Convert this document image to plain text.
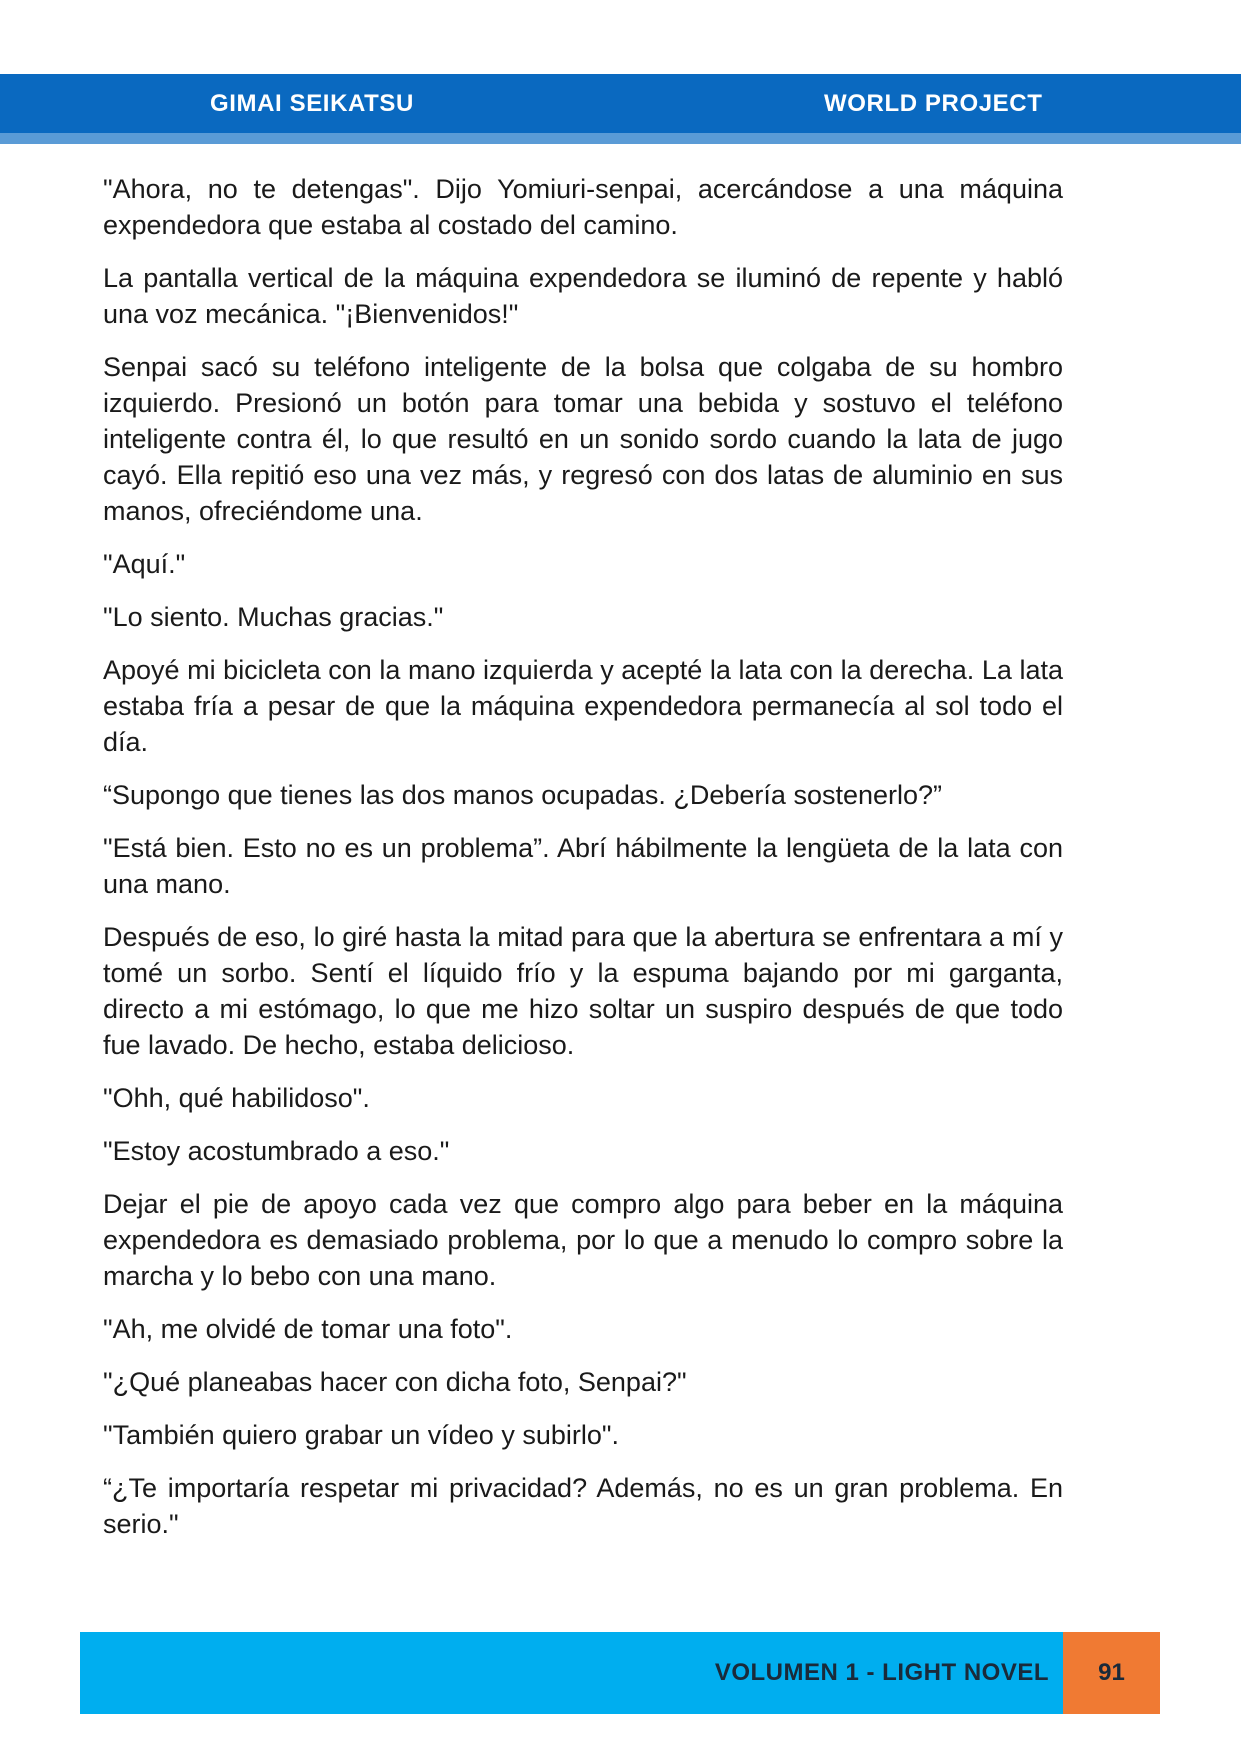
GIMAI SEIKATSU	WORLD PROJECT

"Ahora, no te detengas". Dijo Yomiuri-senpai, acercándose a una máquina expendedora que estaba al costado del camino.

La pantalla vertical de la máquina expendedora se iluminó de repente y habló una voz mecánica. "¡Bienvenidos!"

Senpai sacó su teléfono inteligente de la bolsa que colgaba de su hombro izquierdo. Presionó un botón para tomar una bebida y sostuvo el teléfono inteligente contra él, lo que resultó en un sonido sordo cuando la lata de jugo cayó. Ella repitió eso una vez más, y regresó con dos latas de aluminio en sus manos, ofreciéndome una.

"Aquí."

"Lo siento. Muchas gracias."

Apoyé mi bicicleta con la mano izquierda y acepté la lata con la derecha. La lata estaba fría a pesar de que la máquina expendedora permanecía al sol todo el día.

“Supongo que tienes las dos manos ocupadas. ¿Debería sostenerlo?”

"Está bien. Esto no es un problema”. Abrí hábilmente la lengüeta de la lata con una mano.

Después de eso, lo giré hasta la mitad para que la abertura se enfrentara a mí y tomé un sorbo. Sentí el líquido frío y la espuma bajando por mi garganta, directo a mi estómago, lo que me hizo soltar un suspiro después de que todo fue lavado. De hecho, estaba delicioso.

"Ohh, qué habilidoso".

"Estoy acostumbrado a eso."

Dejar el pie de apoyo cada vez que compro algo para beber en la máquina expendedora es demasiado problema, por lo que a menudo lo compro sobre la marcha y lo bebo con una mano.

"Ah, me olvidé de tomar una foto".

"¿Qué planeabas hacer con dicha foto, Senpai?"

"También quiero grabar un vídeo y subirlo".

“¿Te importaría respetar mi privacidad? Además, no es un gran problema. En serio."

VOLUMEN 1 - LIGHT NOVEL	91
